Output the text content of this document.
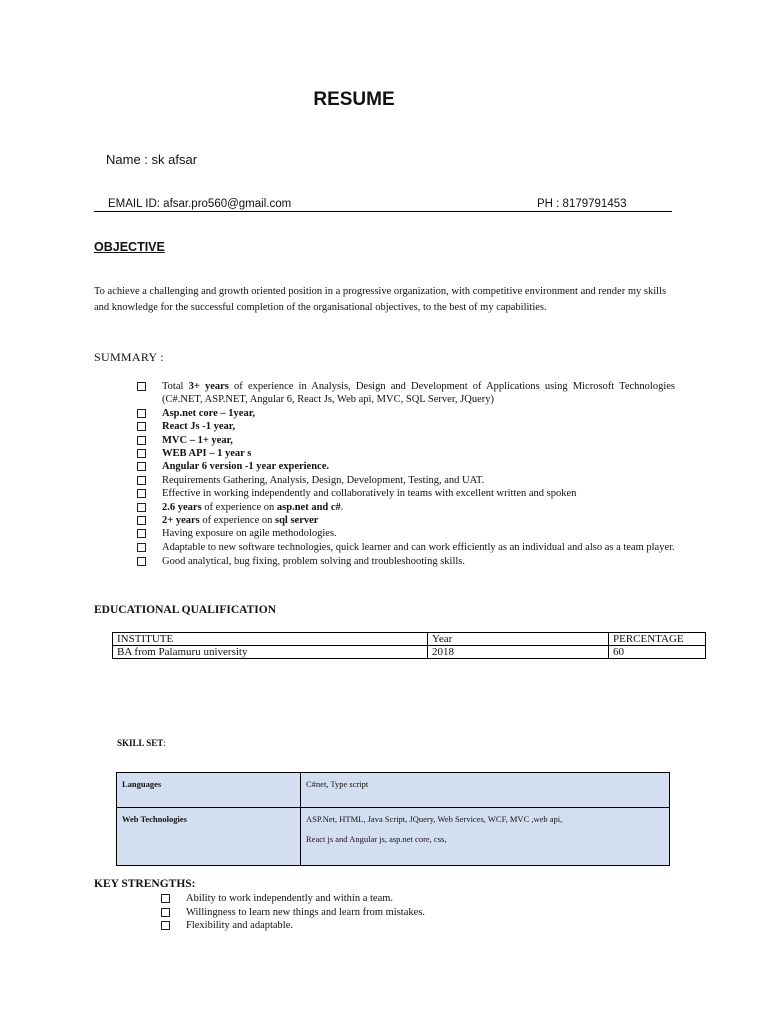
RESUME
Name : sk afsar
EMAIL ID: afsar.pro560@gmail.com	PH : 8179791453
OBJECTIVE
To achieve a challenging and growth oriented position in a progressive organization, with competitive environment and render my skills and knowledge for the successful completion of the organisational objectives, to the best of my capabilities.
SUMMARY :
Total 3+ years of experience in Analysis, Design and Development of Applications using Microsoft Technologies (C#.NET, ASP.NET, Angular 6, React Js, Web api, MVC, SQL Server, JQuery)
Asp.net core – 1year,
React Js -1 year,
MVC – 1+ year,
WEB API – 1 year s
Angular 6 version -1 year experience.
Requirements Gathering, Analysis, Design, Development, Testing, and UAT.
Effective in working independently and collaboratively in teams with excellent written and spoken
2.6 years of experience on asp.net and c#.
2+ years of experience on sql server
Having exposure on agile methodologies.
Adaptable to new software technologies, quick learner and can work efficiently as an individual and also as a team player.
Good analytical, bug fixing, problem solving and troubleshooting skills.
EDUCATIONAL QUALIFICATION
INSTITUTE	Year	PERCENTAGE
BA from Palamuru university	2018	60
SKILL SET:
Languages	C#net, Type script
Web Technologies	ASP.Net, HTML, Java Script, JQuery, Web Services, WCF, MVC ,web api,
React js and Angular js, asp.net core, css,
KEY STRENGTHS:
Ability to work independently and within a team.
Willingness to learn new things and learn from mistakes.
Flexibility and adaptable.
